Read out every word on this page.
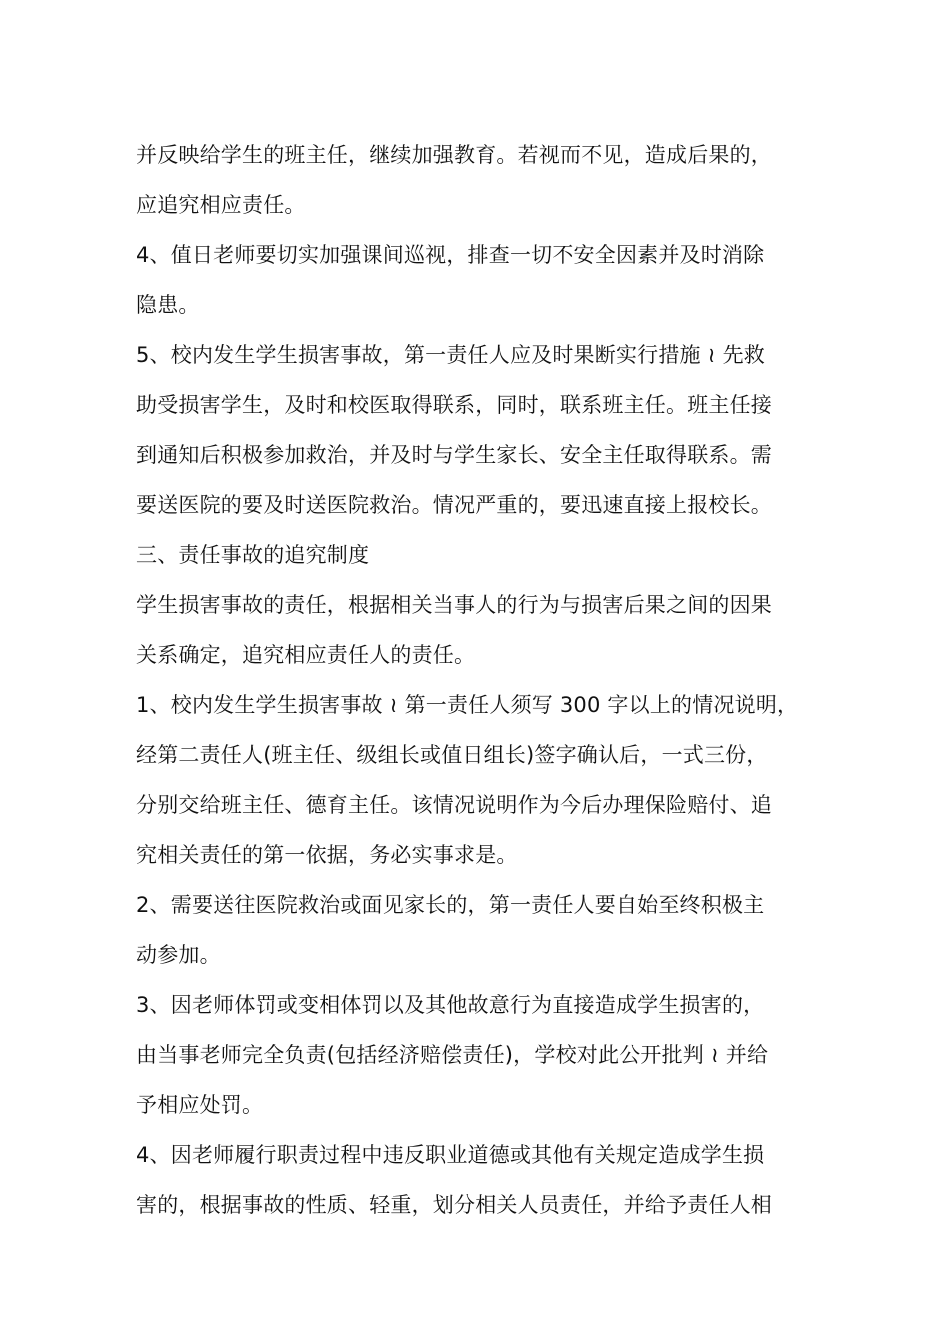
并反映给学生的班主任，继续加强教育。若视而不见，造成后果的，
应追究相应责任。
4、值日老师要切实加强课间巡视，排查一切不安全因素并及时消除
隐患。
5、校内发生学生损害事故，第一责任人应及时果断实行措施 ≀ 先救
助受损害学生，及时和校医取得联系，同时，联系班主任。班主任接
到通知后积极参加救治，并及时与学生家长、安全主任取得联系。需
要送医院的要及时送医院救治。情况严重的，要迅速直接上报校长。
三、责任事故的追究制度
学生损害事故的责任，根据相关当事人的行为与损害后果之间的因果
关系确定，追究相应责任人的责任。
1、校内发生学生损害事故 ≀ 第一责任人须写 300 字以上的情况说明，
经第二责任人(班主任、级组长或值日组长)签字确认后，一式三份，
分别交给班主任、德育主任。该情况说明作为今后办理保险赔付、追
究相关责任的第一依据，务必实事求是。
2、需要送往医院救治或面见家长的，第一责任人要自始至终积极主
动参加。
3、因老师体罚或变相体罚以及其他故意行为直接造成学生损害的，
由当事老师完全负责(包括经济赔偿责任)，学校对此公开批判 ≀ 并给
予相应处罚。
4、因老师履行职责过程中违反职业道德或其他有关规定造成学生损
害的，根据事故的性质、轻重，划分相关人员责任，并给予责任人相
